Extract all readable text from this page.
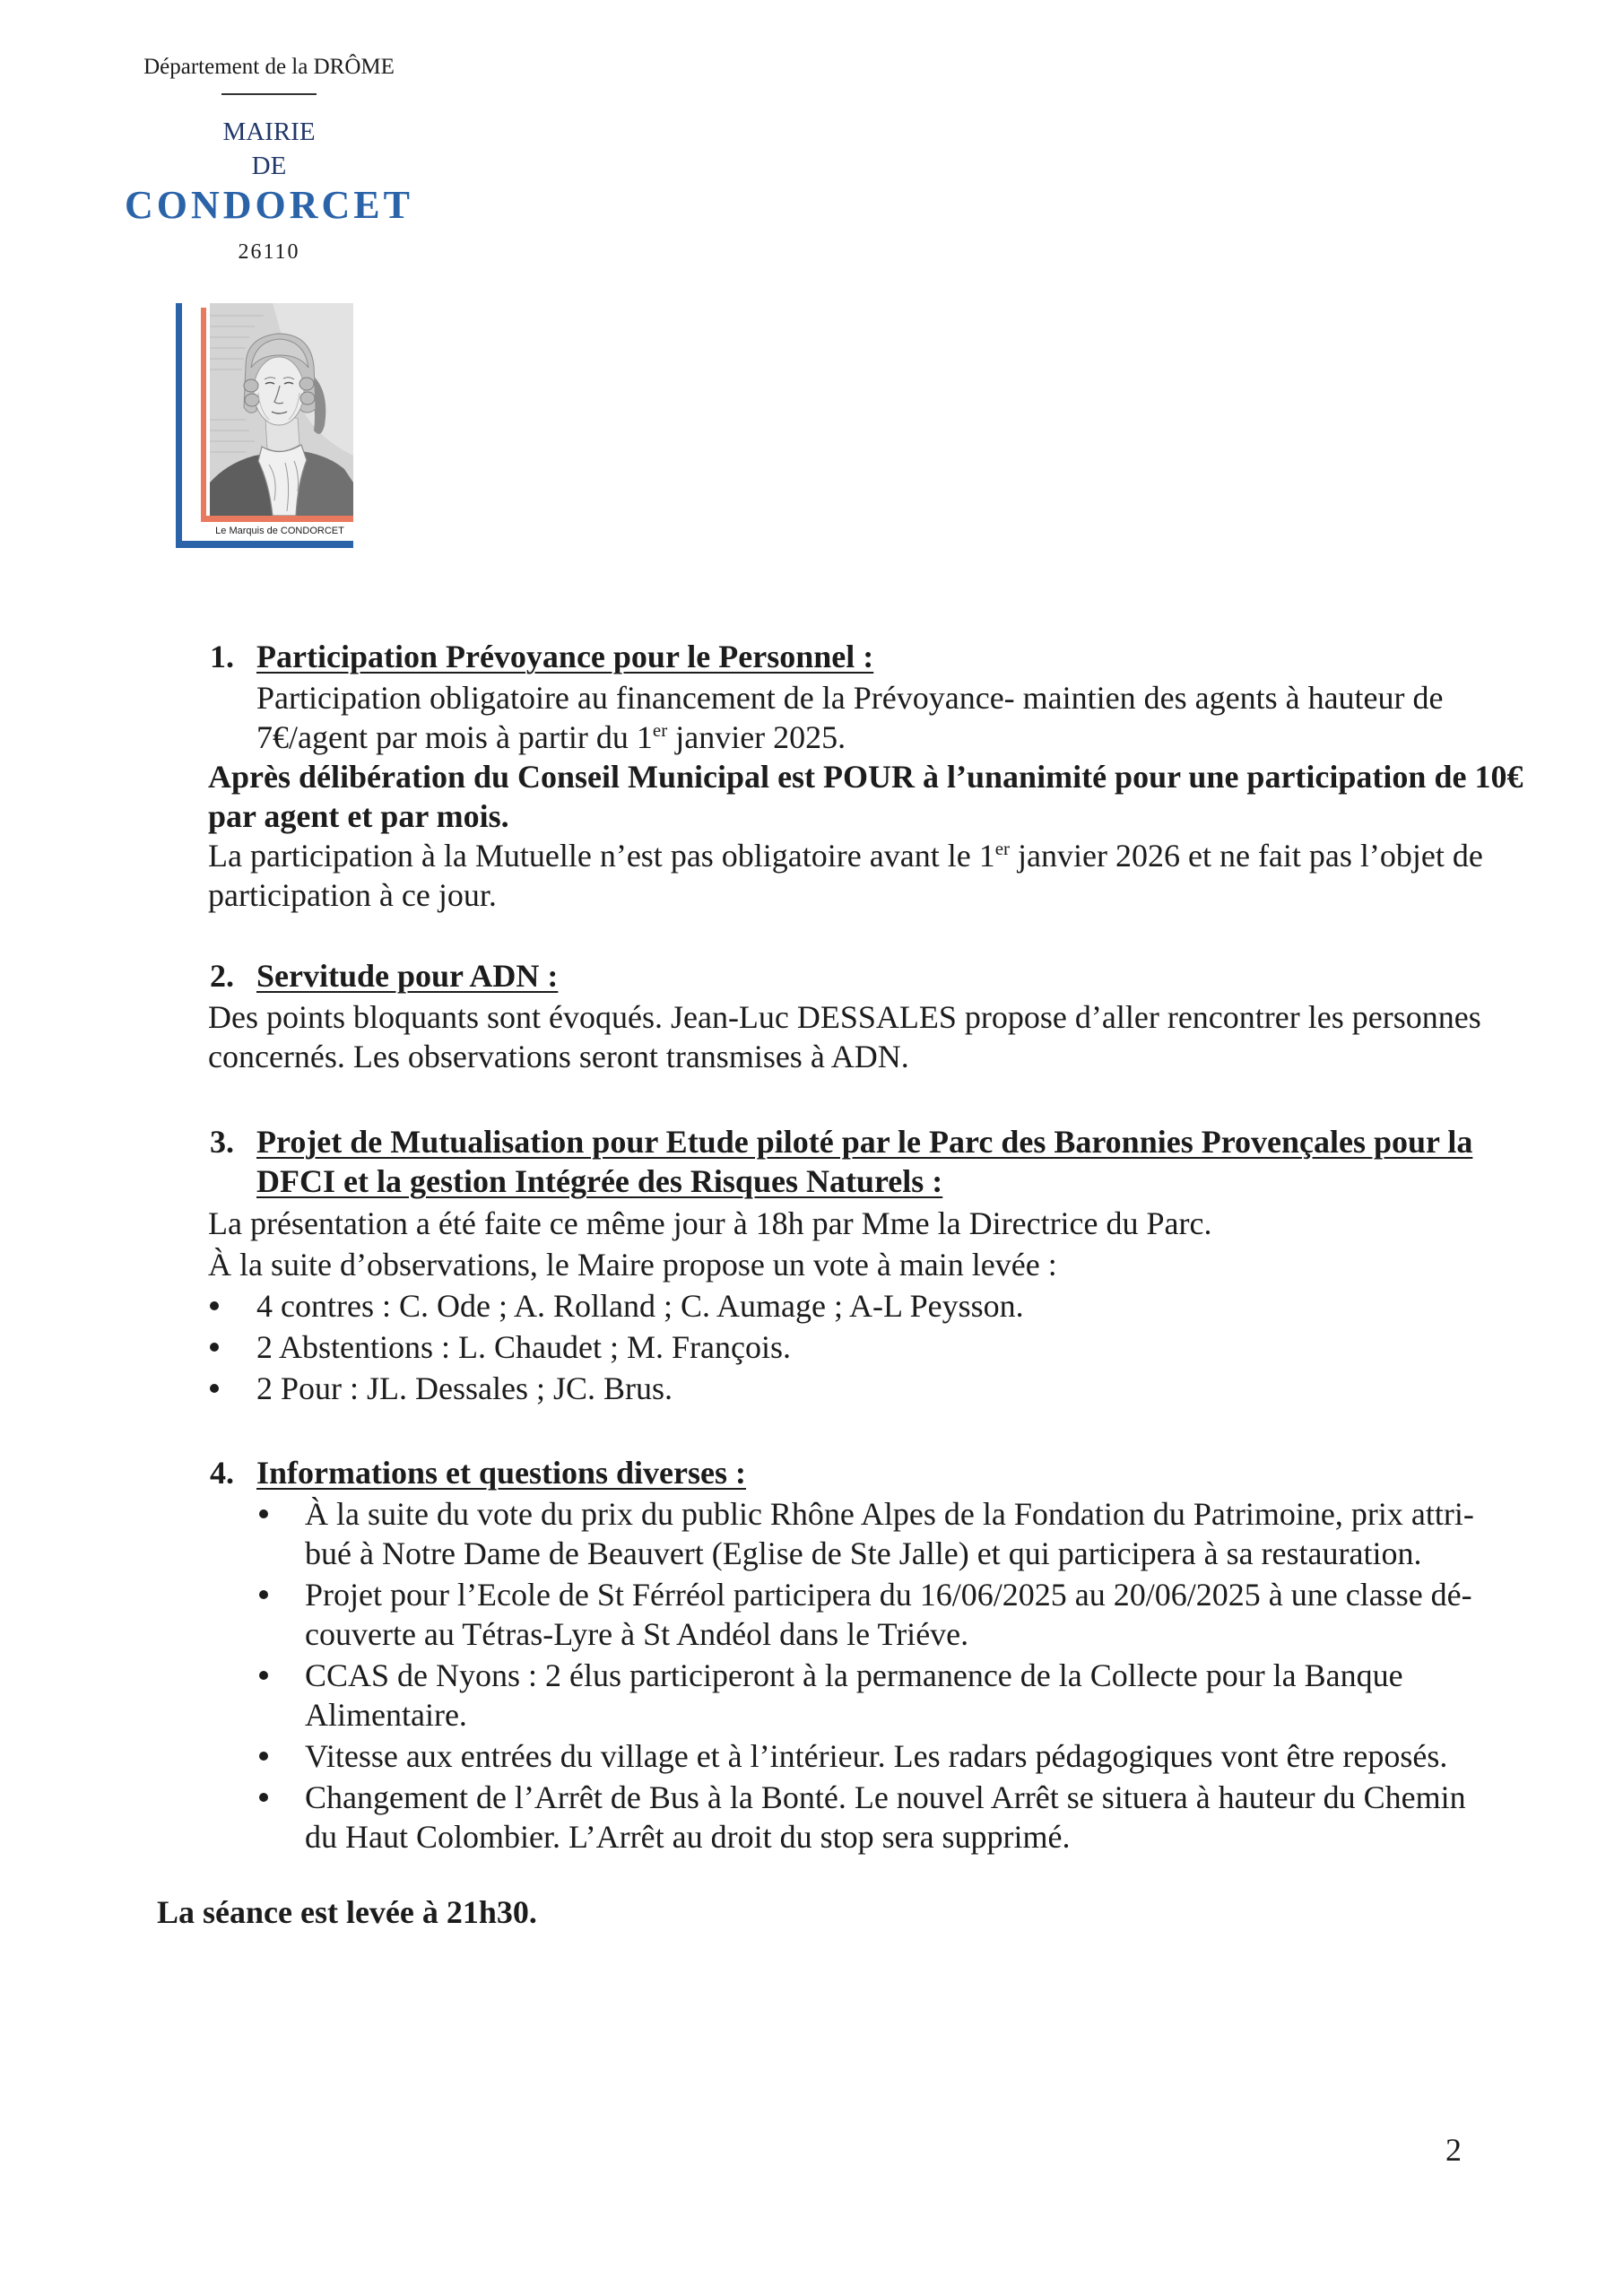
Département de la DRÔME
MAIRIE
DE
CONDORCET
26110
Le Marquis de CONDORCET
1. Participation Prévoyance pour le Personnel :
Participation obligatoire au financement de la Prévoyance- maintien des agents à hauteur de
7€/agent par mois à partir du 1er janvier 2025.
Après délibération du Conseil Municipal est POUR à l’unanimité pour une participation de 10€
par agent et par mois.
La participation à la Mutuelle n’est pas obligatoire avant le 1er janvier 2026 et ne fait pas l’objet de
participation à ce jour.
2. Servitude pour ADN :
Des points bloquants sont évoqués. Jean-Luc DESSALES propose d’aller rencontrer les personnes
concernés. Les observations seront transmises à ADN.
3. Projet de Mutualisation pour Etude piloté par le Parc des Baronnies Provençales pour la
DFCI et la gestion Intégrée des Risques Naturels :
La présentation a été faite ce même jour à 18h par Mme la Directrice du Parc.
À la suite d’observations, le Maire propose un vote à main levée :
4 contres : C. Ode ; A. Rolland ; C. Aumage ; A-L Peysson.
2 Abstentions : L. Chaudet ; M. François.
2 Pour : JL. Dessales ; JC. Brus.
4. Informations et questions diverses :
À la suite du vote du prix du public Rhône Alpes de la Fondation du Patrimoine, prix attri-
bué à Notre Dame de Beauvert (Eglise de Ste Jalle) et qui participera à sa restauration.
Projet pour l’Ecole de St Férréol participera du 16/06/2025 au 20/06/2025 à une classe dé-
couverte au Tétras-Lyre à St Andéol dans le Triéve.
CCAS de Nyons : 2 élus participeront à la permanence de la Collecte pour la Banque
Alimentaire.
Vitesse aux entrées du village et à l’intérieur. Les radars pédagogiques vont être reposés.
Changement de l’Arrêt de Bus à la Bonté. Le nouvel Arrêt se situera à hauteur du Chemin
du Haut Colombier. L’Arrêt au droit du stop sera supprimé.
La séance est levée à 21h30.
2
